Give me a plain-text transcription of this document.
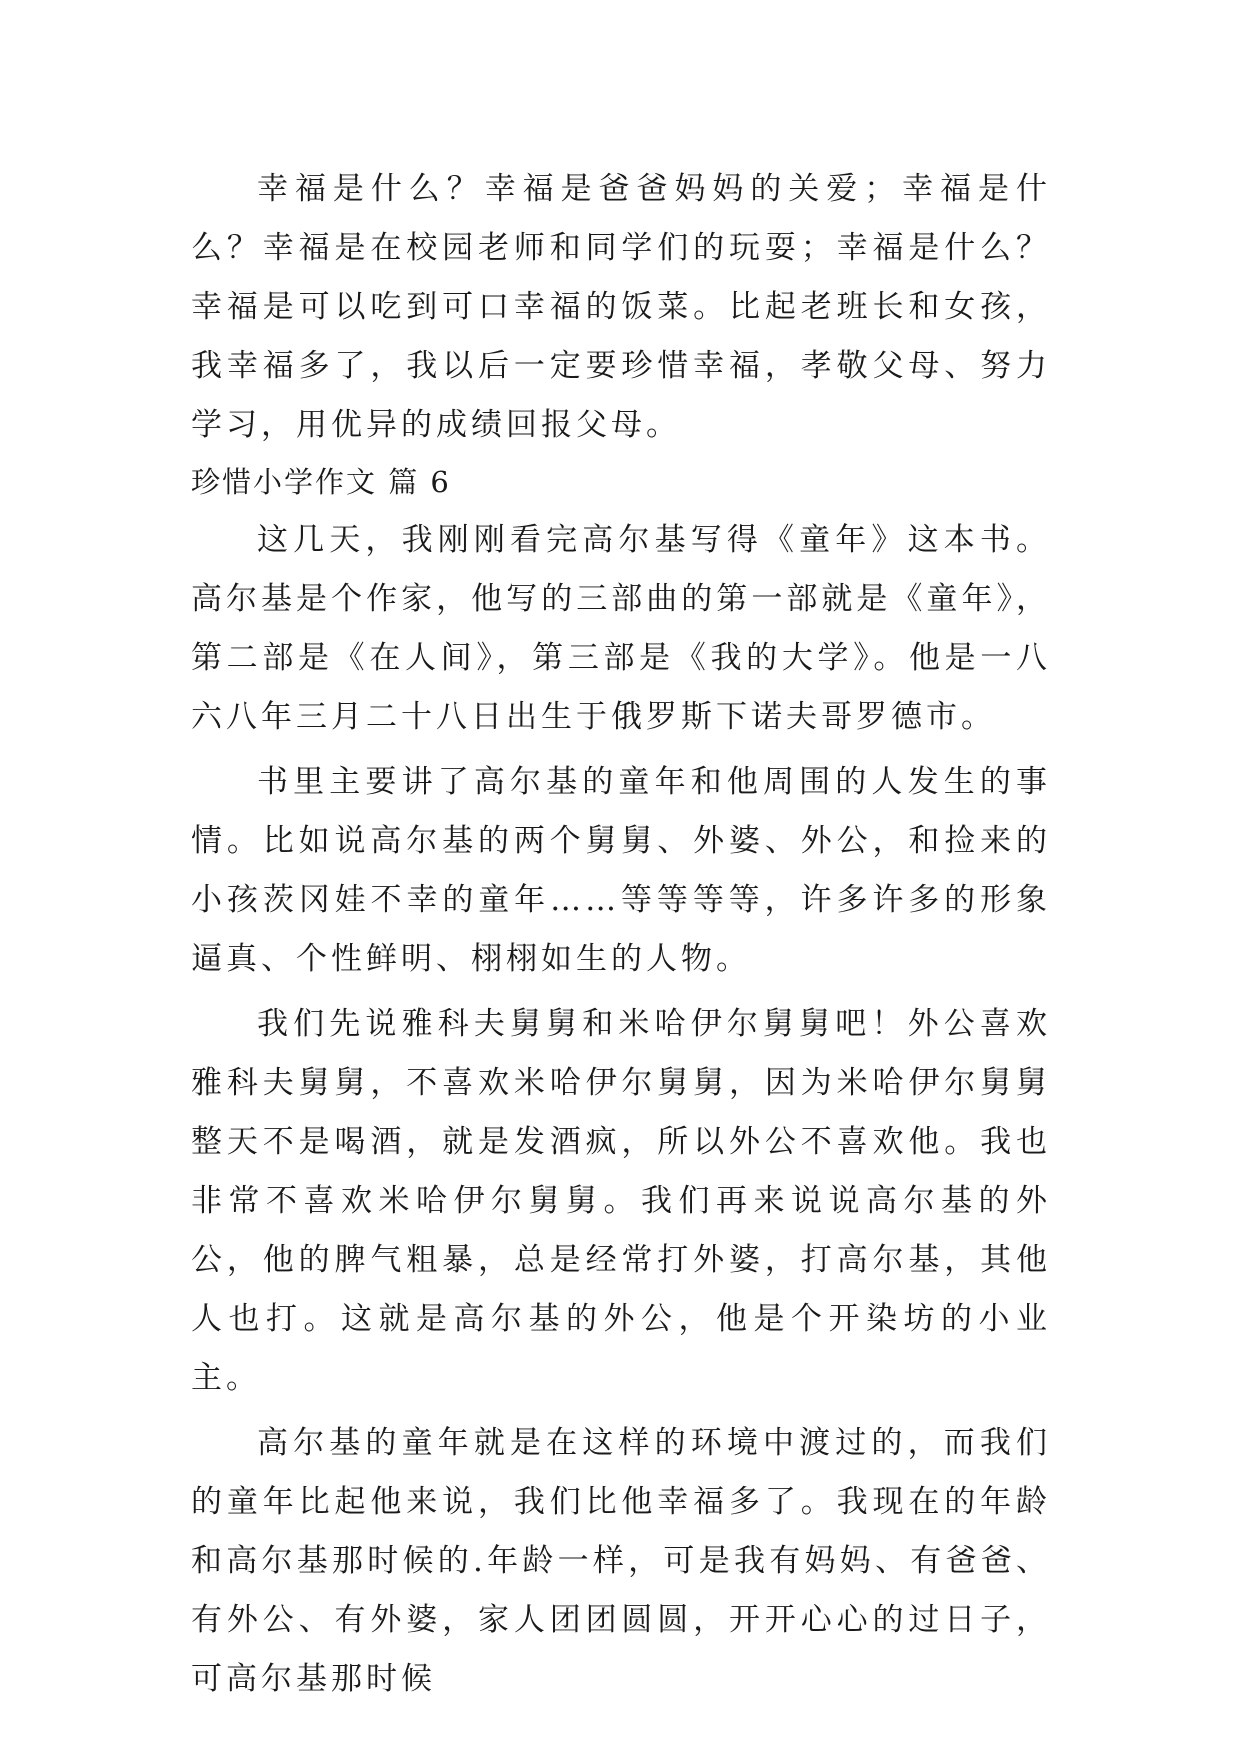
幸福是什么？幸福是爸爸妈妈的关爱；幸福是什么？幸福是在校园老师和同学们的玩耍；幸福是什么？幸福是可以吃到可口幸福的饭菜。比起老班长和女孩，我幸福多了，我以后一定要珍惜幸福，孝敬父母、努力学习，用优异的成绩回报父母。

珍惜小学作文 篇 6

这几天，我刚刚看完高尔基写得《童年》这本书。高尔基是个作家，他写的三部曲的第一部就是《童年》，第二部是《在人间》，第三部是《我的大学》。他是一八六八年三月二十八日出生于俄罗斯下诺夫哥罗德市。

书里主要讲了高尔基的童年和他周围的人发生的事情。比如说高尔基的两个舅舅、外婆、外公，和捡来的小孩茨冈娃不幸的童年……等等等等，许多许多的形象逼真、个性鲜明、栩栩如生的人物。

我们先说雅科夫舅舅和米哈伊尔舅舅吧！外公喜欢雅科夫舅舅，不喜欢米哈伊尔舅舅，因为米哈伊尔舅舅整天不是喝酒，就是发酒疯，所以外公不喜欢他。我也非常不喜欢米哈伊尔舅舅。我们再来说说高尔基的外公，他的脾气粗暴，总是经常打外婆，打高尔基，其他人也打。这就是高尔基的外公，他是个开染坊的小业主。

高尔基的童年就是在这样的环境中渡过的，而我们的童年比起他来说，我们比他幸福多了。我现在的年龄和高尔基那时候的.年龄一样，可是我有妈妈、有爸爸、有外公、有外婆，家人团团圆圆，开开心心的过日子，可高尔基那时候
